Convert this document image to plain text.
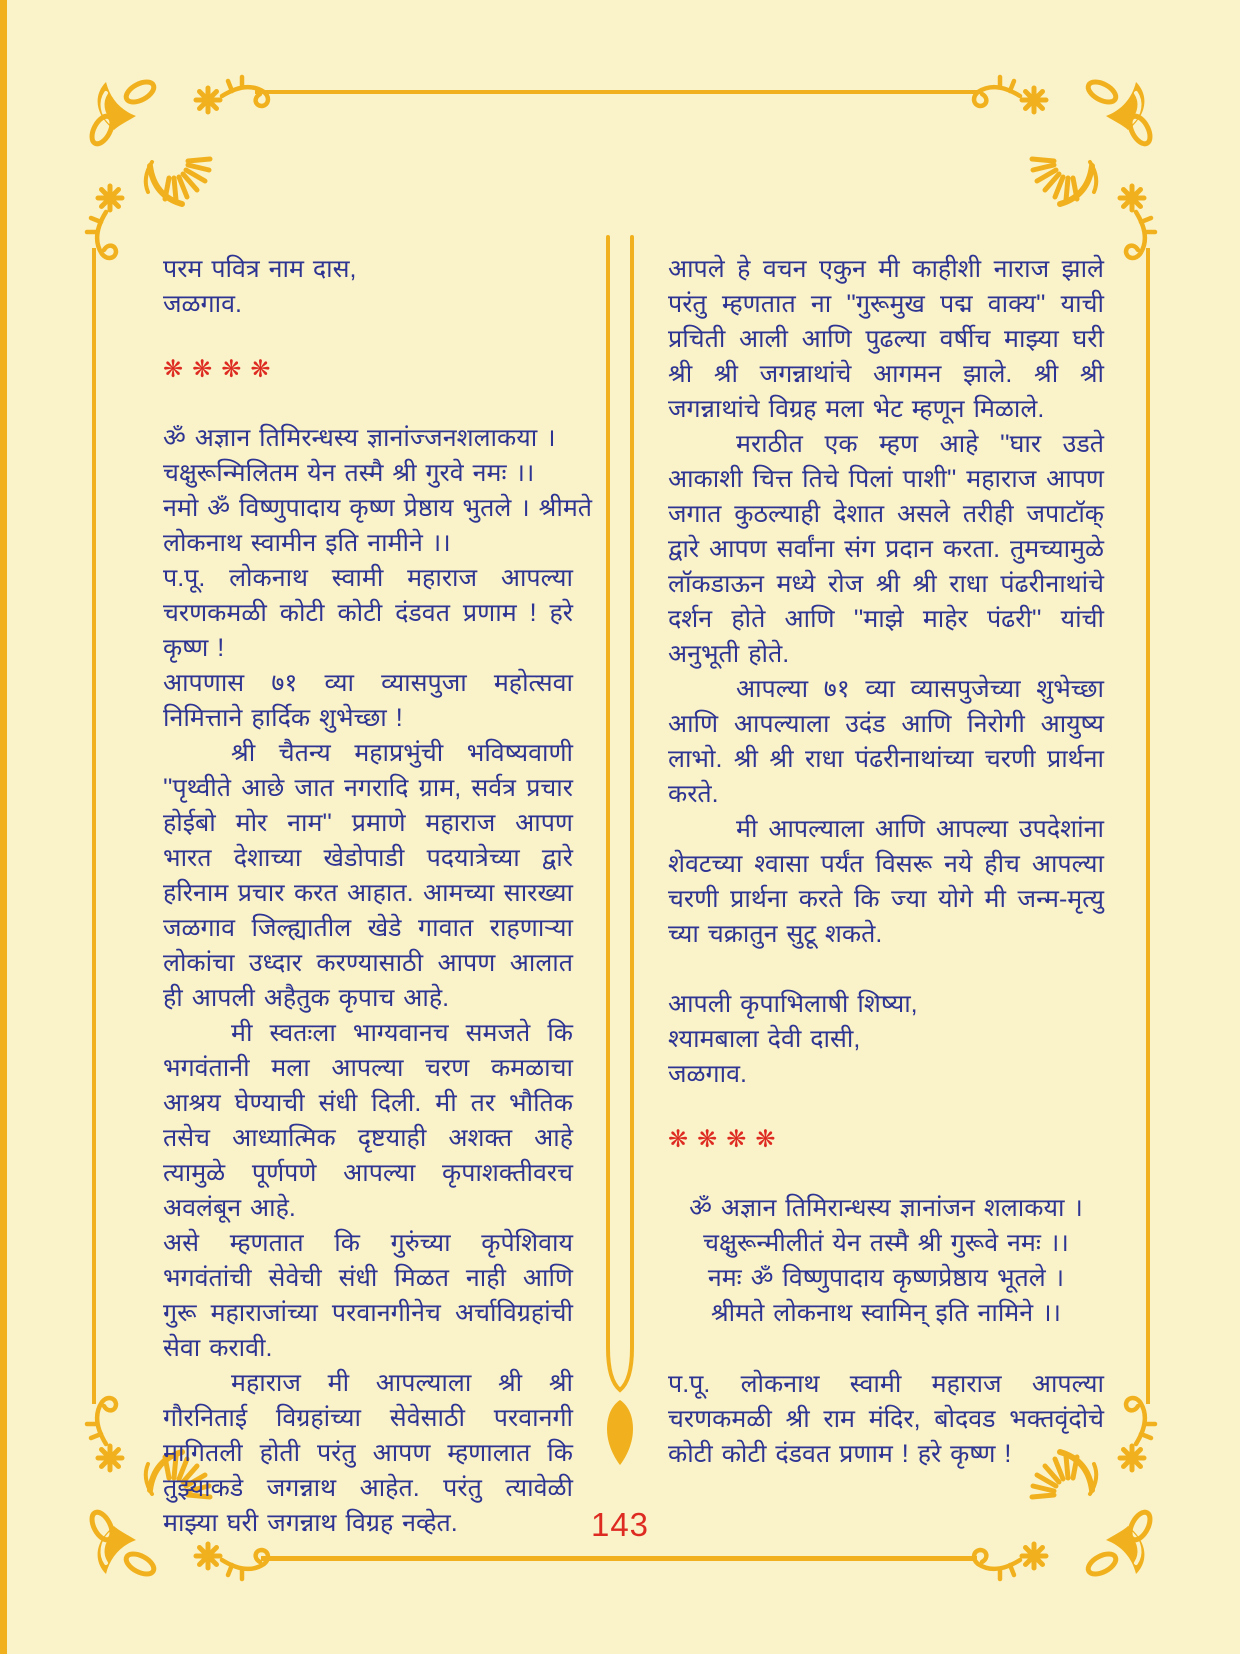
परम पवित्र नाम दास,
जळगाव.
❋❋❋❋
ॐ अज्ञान तिमिरन्धस्य ज्ञानांज्जनशलाकया ।
चक्षुरून्मिलितम येन तस्मै श्री गुरवे नमः ।।
नमो ॐ विष्णुपादाय कृष्ण प्रेष्ठाय भुतले । श्रीमते
लोकनाथ स्वामीन इति नामीने ।।
प.पू. लोकनाथ स्वामी महाराज आपल्या चरणकमळी कोटी कोटी दंडवत प्रणाम ! हरे कृष्ण !
आपणास ७१ व्या व्यासपुजा महोत्सवा निमित्ताने हार्दिक शुभेच्छा !
श्री चैतन्य महाप्रभुंची भविष्यवाणी ''पृथ्वीते आछे जात नगरादि ग्राम, सर्वत्र प्रचार होईबो मोर नाम'' प्रमाणे महाराज आपण भारत देशाच्या खेडोपाडी पदयात्रेच्या द्वारे हरिनाम प्रचार करत आहात. आमच्या सारख्या जळगाव जिल्ह्यातील खेडे गावात राहणाऱ्या लोकांचा उध्दार करण्यासाठी आपण आलात ही आपली अहैतुक कृपाच आहे.
मी स्वतःला भाग्यवानच समजते कि भगवंतानी मला आपल्या चरण कमळाचा आश्रय घेण्याची संधी दिली. मी तर भौतिक तसेच आध्यात्मिक दृष्टयाही अशक्त आहे त्यामुळे पूर्णपणे आपल्या कृपाशक्तीवरच अवलंबून आहे.
असे म्हणतात कि गुरुंच्या कृपेशिवाय भगवंतांची सेवेची संधी मिळत नाही आणि गुरू महाराजांच्या परवानगीनेच अर्चाविग्रहांची सेवा करावी.
महाराज मी आपल्याला श्री श्री गौरनिताई विग्रहांच्या सेवेसाठी परवानगी मागितली होती परंतु आपण म्हणालात कि तुझ्याकडे जगन्नाथ आहेत. परंतु त्यावेळी माझ्या घरी जगन्नाथ विग्रह नव्हेत.
आपले हे वचन एकुन मी काहीशी नाराज झाले परंतु म्हणतात ना ''गुरूमुख पद्म वाक्य'' याची प्रचिती आली आणि पुढल्या वर्षीच माझ्या घरी श्री श्री जगन्नाथांचे आगमन झाले. श्री श्री जगन्नाथांचे विग्रह मला भेट म्हणून मिळाले.
मराठीत एक म्हण आहे ''घार उडते आकाशी चित्त तिचे पिलां पाशी'' महाराज आपण जगात कुठल्याही देशात असले तरीही जपाटॉक् द्वारे आपण सर्वांना संग प्रदान करता. तुमच्यामुळे लॉकडाऊन मध्ये रोज श्री श्री राधा पंढरीनाथांचे दर्शन होते आणि ''माझे माहेर पंढरी'' यांची अनुभूती होते.
आपल्या ७१ व्या व्यासपुजेच्या शुभेच्छा आणि आपल्याला उदंड आणि निरोगी आयुष्य लाभो. श्री श्री राधा पंढरीनाथांच्या चरणी प्रार्थना करते.
मी आपल्याला आणि आपल्या उपदेशांना शेवटच्या श्वासा पर्यंत विसरू नये हीच आपल्या चरणी प्रार्थना करते कि ज्या योगे मी जन्म-मृत्यु च्या चक्रातुन सुटू शकते.
आपली कृपाभिलाषी शिष्या,
श्यामबाला देवी दासी,
जळगाव.
❋❋❋❋
ॐ अज्ञान तिमिरान्धस्य ज्ञानांजन शलाकया ।
चक्षुरून्मीलीतं येन तस्मै श्री गुरूवे नमः ।।
नमः ॐ विष्णुपादाय कृष्णप्रेष्ठाय भूतले ।
श्रीमते लोकनाथ स्वामिन् इति नामिने ।।
प.पू. लोकनाथ स्वामी महाराज आपल्या चरणकमळी श्री राम मंदिर, बोदवड भक्तवृंदोचे कोटी कोटी दंडवत प्रणाम ! हरे कृष्ण !
143
